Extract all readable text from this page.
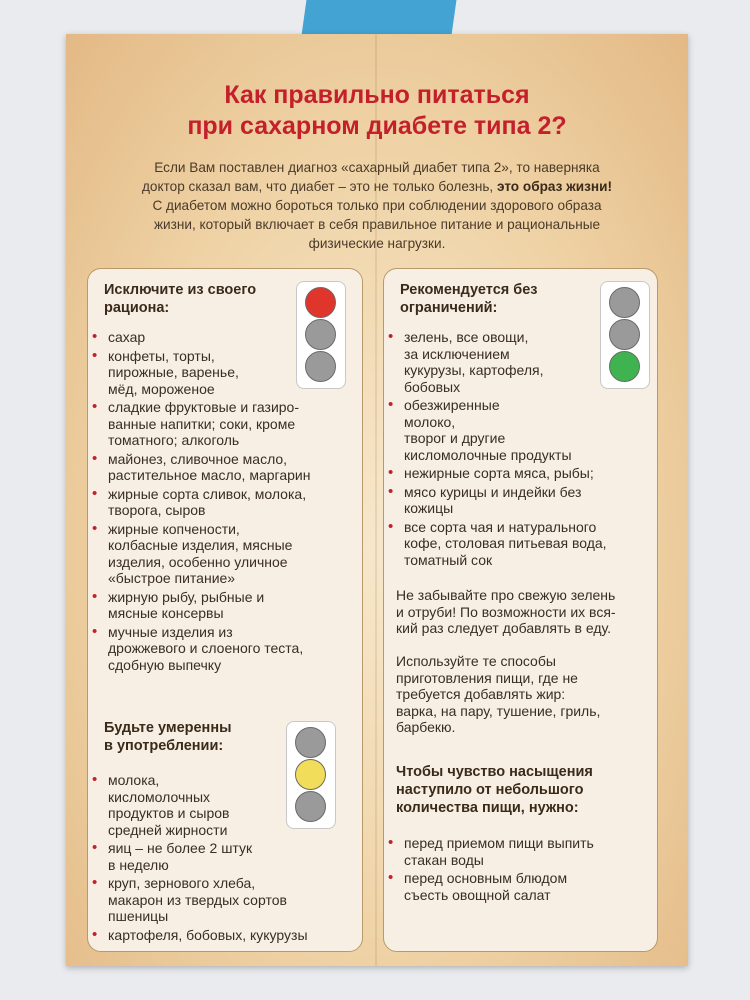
Как правильно питаться
при сахарном диабете типа 2?
Если Вам поставлен диагноз «сахарный диабет типа 2», то наверняка
доктор сказал вам, что диабет – это не только болезнь, это образ жизни!
С диабетом можно бороться только при соблюдении здорового образа
жизни, который включает в себя правильное питание и рациональные
физические нагрузки.
Исключите из своего
рациона:
• сахар
• конфеты, торты,
пирожные, варенье,
мёд, мороженое
• сладкие фруктовые и газиро-
ванные напитки; соки, кроме
томатного; алкоголь
• майонез, сливочное масло,
растительное масло, маргарин
• жирные сорта сливок, молока,
творога, сыров
• жирные копчености,
колбасные изделия, мясные
изделия, особенно уличное
«быстрое питание»
• жирную рыбу, рыбные и
мясные консервы
• мучные изделия из
дрожжевого и слоеного теста,
сдобную выпечку
Будьте умеренны
в употреблении:
• молока,
кисломолочных
продуктов и сыров
средней жирности
• яиц – не более 2 штук
в неделю
• круп, зернового хлеба,
макарон из твердых сортов
пшеницы
• картофеля, бобовых, кукурузы
Рекомендуется без
ограничений:
• зелень, все овощи,
за исключением
кукурузы, картофеля,
бобовых
• обезжиренные
молоко,
творог и другие
кисломолочные продукты
• нежирные сорта мяса, рыбы;
• мясо курицы и индейки без
кожицы
• все сорта чая и натурального
кофе, столовая питьевая вода,
томатный сок
Не забывайте про свежую зелень
и отруби! По возможности их вся-
кий раз следует добавлять в еду.
Используйте те способы
приготовления пищи, где не
требуется добавлять жир:
варка, на пару, тушение, гриль,
барбекю.
Чтобы чувство насыщения
наступило от небольшого
количества пищи, нужно:
• перед приемом пищи выпить
стакан воды
• перед основным блюдом
съесть овощной салат
